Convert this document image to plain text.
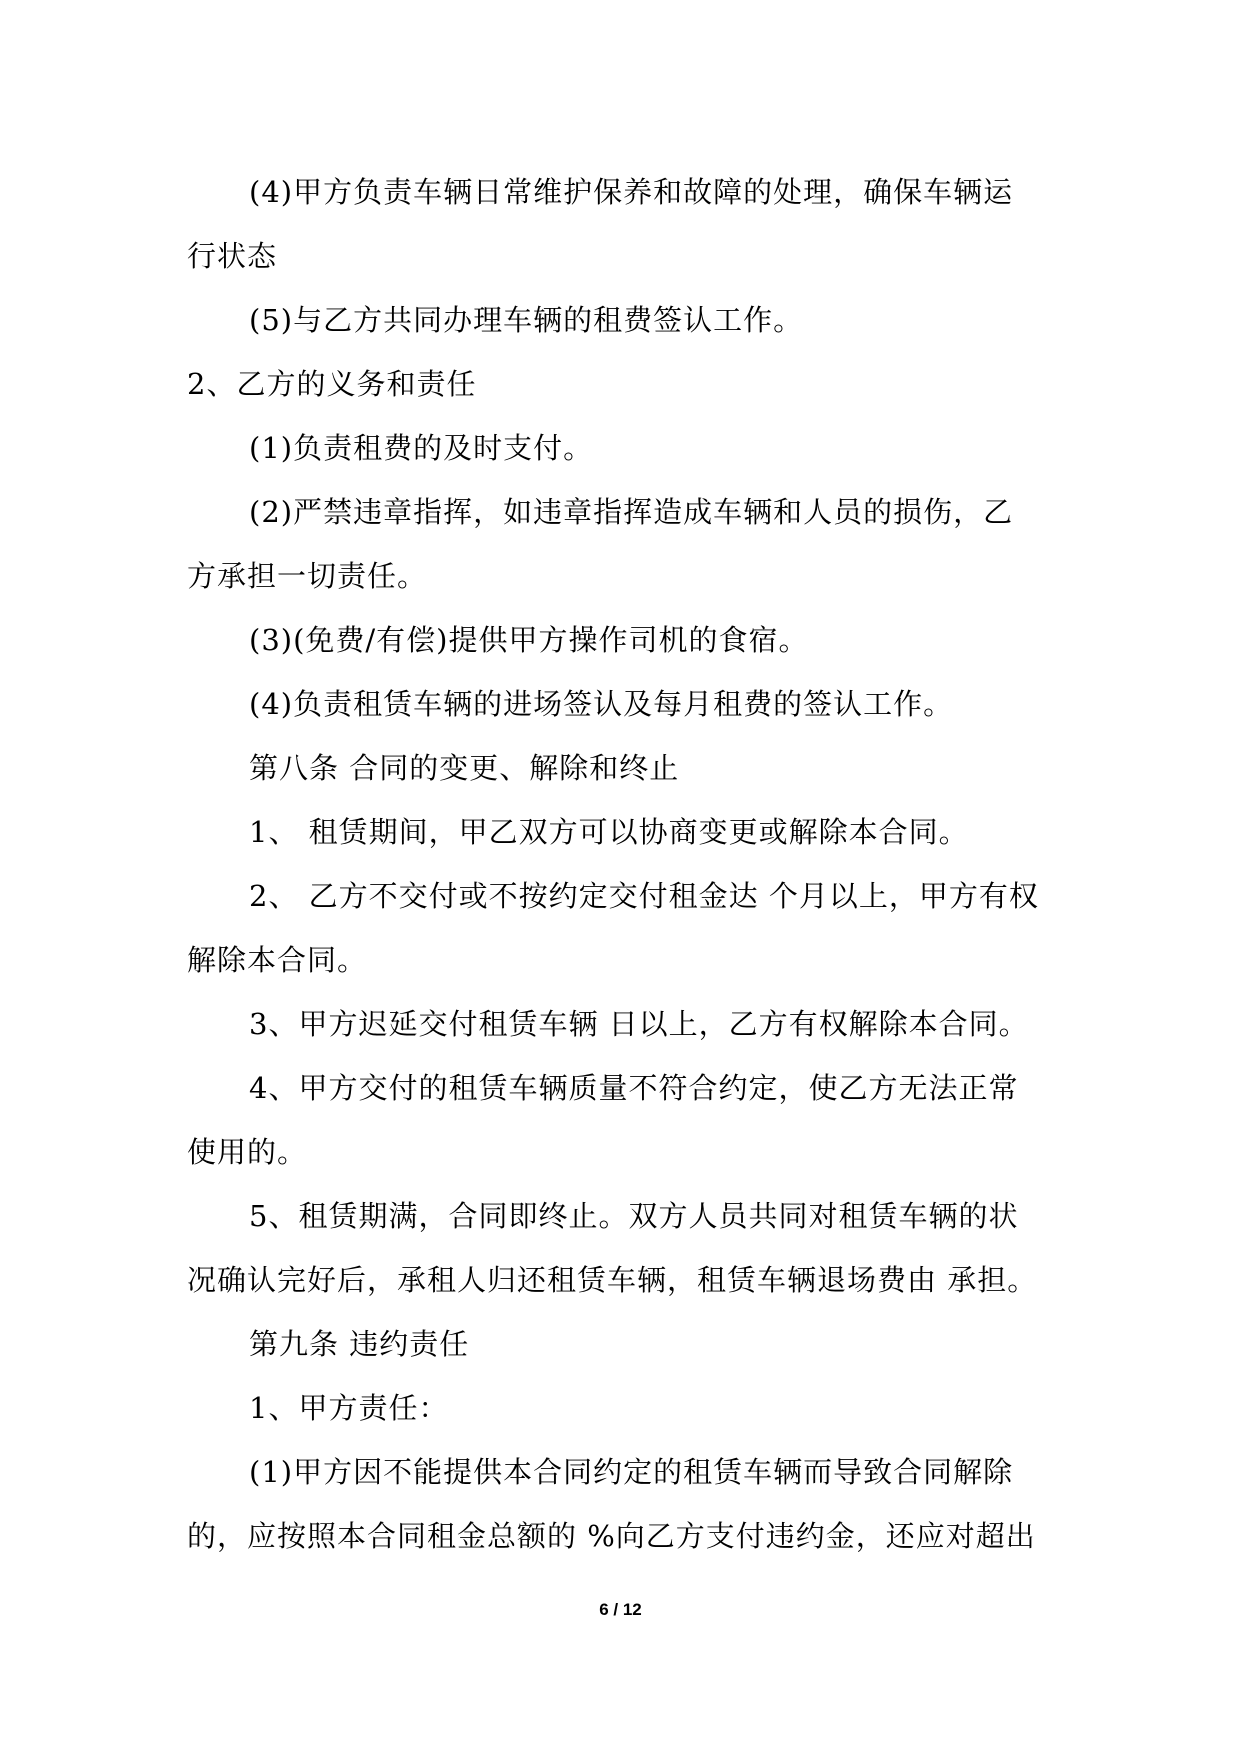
(4)甲方负责车辆日常维护保养和故障的处理，确保车辆运
行状态
(5)与乙方共同办理车辆的租费签认工作。
2、乙方的义务和责任
(1)负责租费的及时支付。
(2)严禁违章指挥，如违章指挥造成车辆和人员的损伤，乙
方承担一切责任。
(3)(免费/有偿)提供甲方操作司机的食宿。
(4)负责租赁车辆的进场签认及每月租费的签认工作。
第八条 合同的变更、解除和终止
1、 租赁期间，甲乙双方可以协商变更或解除本合同。
2、 乙方不交付或不按约定交付租金达 个月以上，甲方有权
解除本合同。
3、甲方迟延交付租赁车辆 日以上，乙方有权解除本合同。
4、甲方交付的租赁车辆质量不符合约定，使乙方无法正常
使用的。
5、租赁期满，合同即终止。双方人员共同对租赁车辆的状
况确认完好后，承租人归还租赁车辆，租赁车辆退场费由 承担。
第九条 违约责任
1、甲方责任：
(1)甲方因不能提供本合同约定的租赁车辆而导致合同解除
的，应按照本合同租金总额的 %向乙方支付违约金，还应对超出
6 / 12
